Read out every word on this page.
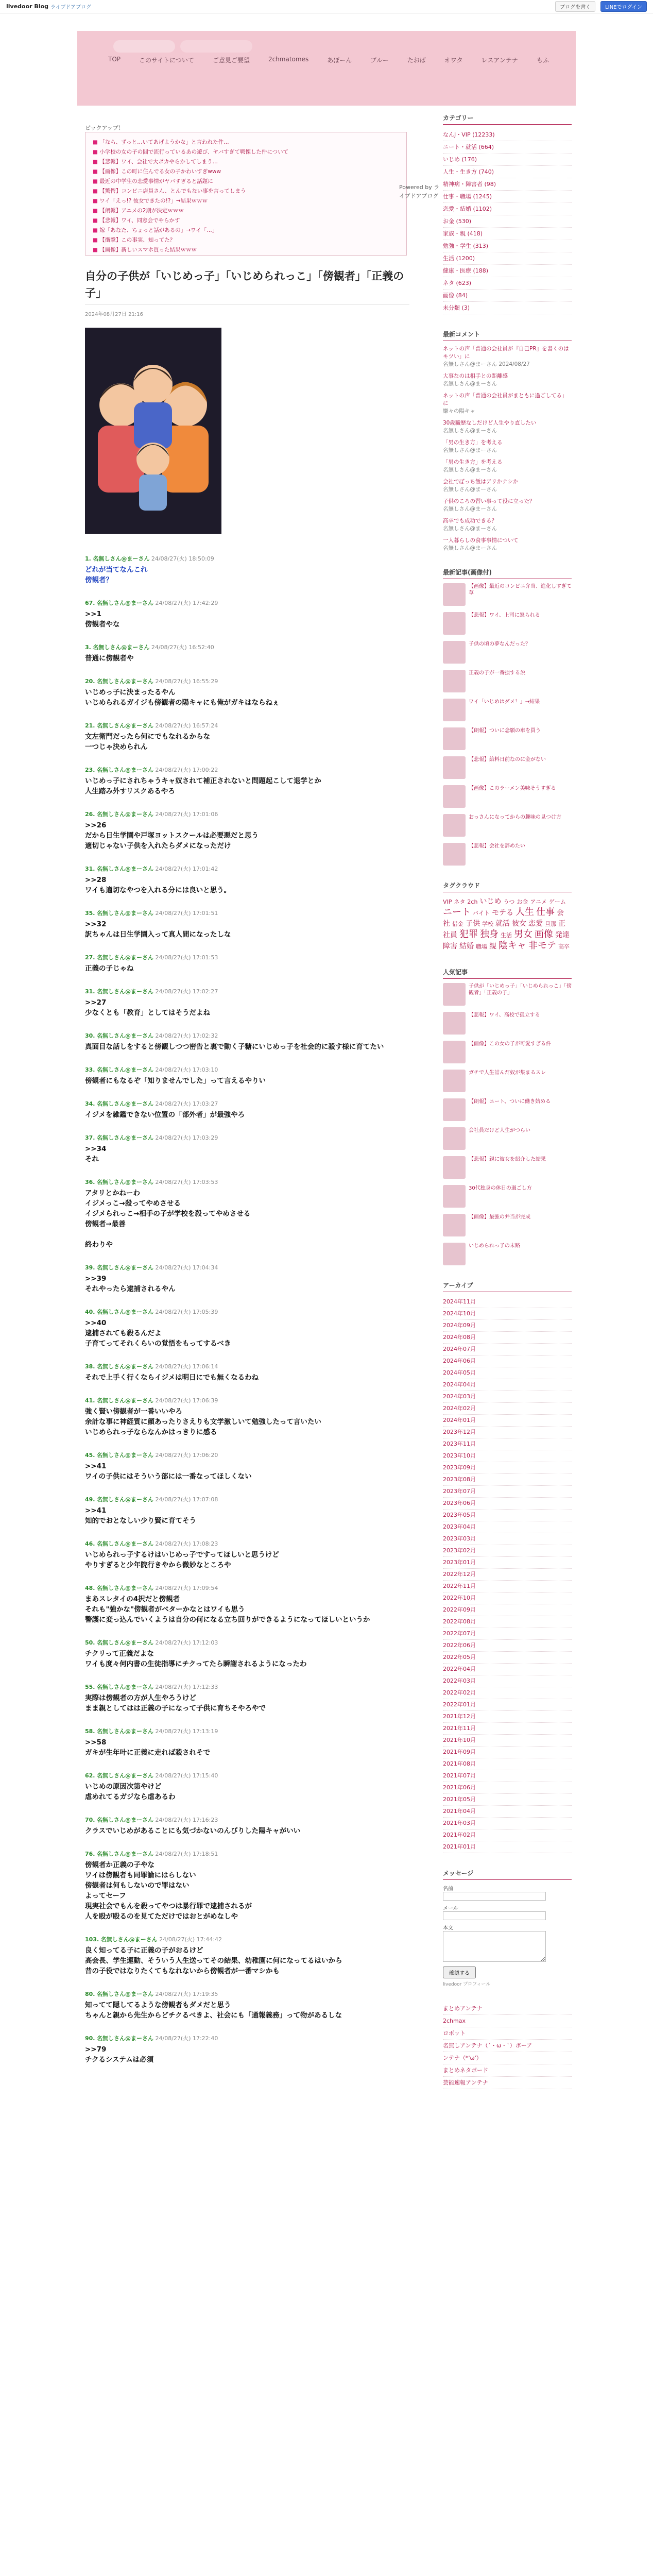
livedoor Blog ライブドアブログ	ブログを書く	LINEでログイン
TOP	このサイトについて	ご意見ご要望	2chmatomes	あぼーん	ブルー	たおば	オワタ	レスアンテナ	もふ
ピックアップ！
■ 「なら、ずっと…いてあげようかな」と言われた件…
■ 小学校の女の子の間で流行っているあの遊び、ヤバすぎて戦慄した件について
■ 【悲報】ワイ、会社で大ポカやらかしてしまう…
■ 【画像】この町に住んでる女の子かわいすぎwww
■ 最近の中学生の恋愛事情がヤバすぎると話題に
■ 【驚愕】コンビニ店員さん、とんでもない事を言ってしまう
■ ワイ「えっ!? 彼女できたの!?」→結果ｗｗｗ
■ 【朗報】アニメの2期が決定ｗｗｗ
■ 【悲報】ワイ、同窓会でやらかす
■ 嫁「あなた、ちょっと話があるの」→ワイ「…」
■ 【衝撃】この事実、知ってた？
■ 【画像】新しいスマホ買った結果ｗｗｗ
Powered by ライブドアブログ
自分の子供が「いじめっ子」「いじめられっこ」「傍観者」「正義の子」
2024年08月27日 21:16
1. 名無しさん@まーさん 24/08/27(火) 18:50:09
どれが当てなんこれ
傍観者？
67. 名無しさん@まーさん 24/08/27(火) 17:42:29
>>1
傍観者やな
3. 名無しさん@まーさん 24/08/27(火) 16:52:40
普通に傍観者や
20. 名無しさん@まーさん 24/08/27(火) 16:55:29
いじめっ子に決まったるやん
いじめられるガイジも傍観者の陽キャにも俺がガキはならねぇ
21. 名無しさん@まーさん 24/08/27(火) 16:57:24
文左衛門だったら何にでもなれるからな
一つじゃ決められん
23. 名無しさん@まーさん 24/08/27(火) 17:00:22
いじめっ子にされちゃうキャ奴されて補正されないと問題起こして退学とか
人生踏み外すリスクあるやろ
26. 名無しさん@まーさん 24/08/27(火) 17:01:06
>>26
だから日生学園や戸塚ヨットスクールは必要悪だと思う
適切じゃない子供を入れたらダメになっただけ
31. 名無しさん@まーさん 24/08/27(火) 17:01:42
>>28
ワイも適切なやつを入れる分には良いと思う。
35. 名無しさん@まーさん 24/08/27(火) 17:01:51
>>32
訳ちゃんは日生学園入って真人間になったしな
27. 名無しさん@まーさん 24/08/27(火) 17:01:53
正義の子じゃね
31. 名無しさん@まーさん 24/08/27(火) 17:02:27
>>27
少なくとも「教育」としてはそうだよね
30. 名無しさん@まーさん 24/08/27(火) 17:02:32
真面目な話しをすると傍観しつつ密告と裏で動く子糖にいじめっ子を社会的に殺す様に育てたい
33. 名無しさん@まーさん 24/08/27(火) 17:03:10
傍観者にもなるぞ「知りませんでした」って言えるやりい
34. 名無しさん@まーさん 24/08/27(火) 17:03:27
イジメを雑鑑できない位置の「部外者」が最強やろ
37. 名無しさん@まーさん 24/08/27(火) 17:03:29
>>34
それ
36. 名無しさん@まーさん 24/08/27(火) 17:03:53
アタリとかねーわ
イジメっこ→殺ってやめさせる
イジメられっこ→相手の子が学校を殺ってやめさせる
傍観者→最善

終わりや
39. 名無しさん@まーさん 24/08/27(火) 17:04:34
>>39
それやったら逮捕されるやん
40. 名無しさん@まーさん 24/08/27(火) 17:05:39
>>40
逮捕されても殺るんだよ
子育てってそれくらいの覚悟をもってするべき
38. 名無しさん@まーさん 24/08/27(火) 17:06:14
それで上手く行くならイジメは明日にでも無くなるわね
41. 名無しさん@まーさん 24/08/27(火) 17:06:39
強く賢い傍観者が一番いいやろ
余計な事に神経質に顔あったりさえりも文学激しいて勉強したって言いたい
いじめられっ子ならなんかはっきりに感る
45. 名無しさん@まーさん 24/08/27(火) 17:06:20
>>41
ワイの子供にはそういう部には一番なってほしくない
49. 名無しさん@まーさん 24/08/27(火) 17:07:08
>>41
知的でおとなしい少り賢に育てそう
46. 名無しさん@まーさん 24/08/27(火) 17:08:23
いじめられっ子するけはいじめっ子ですってほしいと思うけど
やりすぎると少年院行きやから微妙なところや
48. 名無しさん@まーさん 24/08/27(火) 17:09:54
まあスレタイの4択だと傍観者
それも"強かな"傍観者がベターかなとはワイも思う
警護に変っ込んでいくようは自分の何になる立ち回りができるようになってほしいというか
50. 名無しさん@まーさん 24/08/27(火) 17:12:03
チクリって正義だよな
ワイも度々何内書の生徒指導にチクってたら瞬謝されるようになったわ
55. 名無しさん@まーさん 24/08/27(火) 17:12:33
実際は傍観者の方が人生やろうけど
まま親としてはは正義の子になって子供に育ちそやろやで
58. 名無しさん@まーさん 24/08/27(火) 17:13:19
>>58
ガキが生年叶に正義に走れば殺されそで
62. 名無しさん@まーさん 24/08/27(火) 17:15:40
いじめの原因次第やけど
虐めれてるガジなら虐あるわ
70. 名無しさん@まーさん 24/08/27(火) 17:16:23
クラスでいじめがあることにも気づかないのんびりした陽キャがいい
76. 名無しさん@まーさん 24/08/27(火) 17:18:51
傍観者か正義の子やな
ワイは傍観者も同罪論にはらしない
傍観者は何もしないので罪はない
よってセーフ
現実社会でもんを殺ってやつは暴行罪で逮捕されるが
人を殴が殴るのを見てただけではおとがめなしや
103. 名無しさん@まーさん 24/08/27(火) 17:44:42
良く知ってる子に正義の子がおるけど
高会長、学生運動、そういう人生送ってその結果、幼稚園に何になってるはいから
昔の子役ではなりたくてもなれないから傍観者が一番マシかも
80. 名無しさん@まーさん 24/08/27(火) 17:19:35
知ってて隠してるような傍観者もダメだと思う
ちゃんと親から先生からどチクるべきよ、社会にも「通報義務」って物があるしな
90. 名無しさん@まーさん 24/08/27(火) 17:22:40
>>79
チクるシステムは必須
カテゴリー
なんJ・VIP (12233)
ニート・就活 (664)
いじめ (176)
人生・生き方 (740)
精神病・障害者 (98)
仕事・職場 (1245)
恋愛・結婚 (1102)
お金 (530)
家族・親 (418)
勉強・学生 (313)
生活 (1200)
健康・医療 (188)
ネタ (623)
画像 (84)
未分類 (3)
最新コメント
ネットの声「普通の会社員が『自己PR』を書くのはキツい」に
名無しさん@まーさん 2024/08/27
大事なのは相手との距離感
名無しさん@まーさん
ネットの声「普通の会社員がまともに過ごしてる」に
嫌々の陽キャ
30歳職歴なしだけど人生やり直したい
名無しさん@まーさん
「男の生き方」を考える
名無しさん@まーさん
「男の生き方」を考える
名無しさん@まーさん
会社でぼっち飯はアリかナシか
名無しさん@まーさん
子供のころの習い事って役に立った？
名無しさん@まーさん
高卒でも成功できる？
名無しさん@まーさん
一人暮らしの食事事情について
名無しさん@まーさん
最新記事(画像付)
【画像】最近のコンビニ弁当、進化しすぎて草
【悲報】ワイ、上司に怒られる
子供の頃の夢なんだった？
正義の子が一番損する説
ワイ「いじめはダメ！」→結果
【朗報】ついに念願の車を買う
【悲報】給料日前なのに金がない
【画像】このラーメン美味そうすぎる
おっさんになってからの趣味の見つけ方
【悲報】会社を辞めたい
タグクラウド
VIP ネタ 2ch いじめ うつ お金 アニメ ゲームニート バイト モテる 人生 仕事 会社 借金 子供 学校 就活 彼女 恋愛 旦那 正社員 犯罪 独身 生活 男女 画像 発達障害 結婚 職場 親 陰キャ 非モテ 高卒
人気記事
子供が「いじめっ子」「いじめられっこ」「傍観者」「正義の子」
【悲報】ワイ、高校で孤立する
【画像】この女の子が可愛すぎる件
ガチで人生詰んだ奴が集まるスレ
【朗報】ニート、ついに働き始める
会社員だけど人生がつらい
【悲報】親に彼女を紹介した結果
30代独身の休日の過ごし方
【画像】最強の弁当が完成
いじめられっ子の末路
アーカイブ
2024年11月
2024年10月
2024年09月
2024年08月
2024年07月
2024年06月
2024年05月
2024年04月
2024年03月
2024年02月
2024年01月
2023年12月
2023年11月
2023年10月
2023年09月
2023年08月
2023年07月
2023年06月
2023年05月
2023年04月
2023年03月
2023年02月
2023年01月
2022年12月
2022年11月
2022年10月
2022年09月
2022年08月
2022年07月
2022年06月
2022年05月
2022年04月
2022年03月
2022年02月
2022年01月
2021年12月
2021年11月
2021年10月
2021年09月
2021年08月
2021年07月
2021年06月
2021年05月
2021年04月
2021年03月
2021年02月
2021年01月
メッセージ
名前
メール
本文
確認する
livedoor プロフィール
まとめアンテナ
2chmax
ロボット
名無しアンテナ（´・ω・`）ボーア
ンテナ（*'ω'）
まとめネタボード
芸能速報アンテナ
